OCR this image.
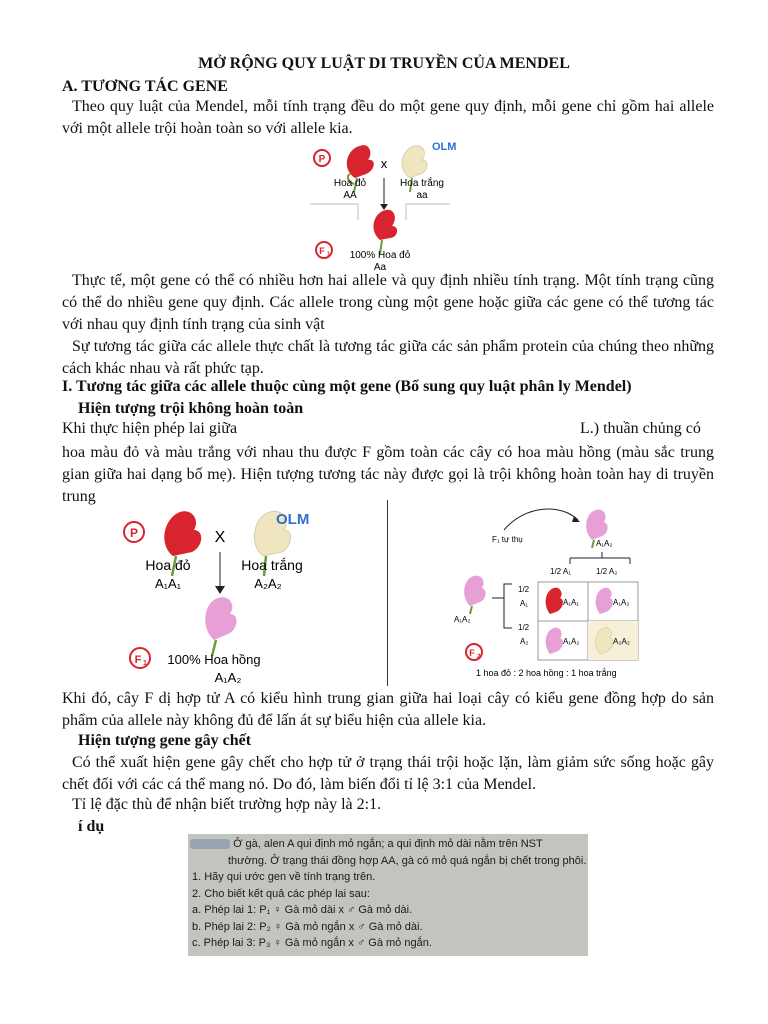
MỞ RỘNG QUY LUẬT DI TRUYỀN CỦA MENDEL
A. TƯƠNG TÁC GENE
Theo quy luật của Mendel, mỗi tính trạng đều do một gene quy định, mỗi gene chỉ gồm hai allele với một allele trội hoàn toàn so với allele kia.
P	x
OLM
Hoa đỏ
AA
Hoa trắng
aa
F 1 100% Hoa đỏ
Aa
Thực tế, một gene có thể có nhiều hơn hai allele và quy định nhiều tính trạng. Một tính trạng cũng có thể do nhiều gene quy định. Các allele trong cùng một gene hoặc giữa các gene có thể tương tác với nhau quy định tính trạng của sinh vật
Sự tương tác giữa các allele thực chất là tương tác giữa các sản phẩm protein của chúng theo những cách khác nhau và rất phức tạp.
I. Tương tác giữa các allele thuộc cùng một gene (Bổ sung quy luật phân ly Mendel)
Hiện tượng trội không hoàn toàn
Khi thực hiện phép lai giữa	L.) thuần chủng có
hoa màu đỏ và màu trắng với nhau thu được F gồm toàn các cây có hoa màu hồng (màu sắc trung gian giữa hai dạng bố mẹ). Hiện tượng tương tác này được gọi là trội không hoàn toàn hay di truyền trung
P	X
OLM
Hoa đỏ
A₁A₁
Hoa trắng
A₂A₂
F 1 100% Hoa hồng
A₁A₂
F₁ tự thụ	A₁A₂
1/2 A₁	1/2 A₂
A₁A₂
1/2
A₁
1/2
A₂
A₁A₁	A₁A₂
A₁A₂	A₂A₂
F 2
1 hoa đỏ : 2 hoa hồng : 1 hoa trắng
Khi đó, cây F dị hợp tử A có kiểu hình trung gian giữa hai loại cây có kiểu gene đồng hợp do sản phẩm của allele này không đủ để lấn át sự biểu hiện của allele kia.
Hiện tượng gene gây chết
Có thể xuất hiện gene gây chết cho hợp tử ở trạng thái trội hoặc lặn, làm giảm sức sống hoặc gây chết đối với các cá thể mang nó. Do đó, làm biến đổi tỉ lệ 3:1 của Mendel.
Tỉ lệ đặc thù để nhận biết trường hợp này là 2:1.
í dụ
Ở gà, alen A qui định mỏ ngắn; a qui định mỏ dài nằm trên NST
thường. Ở trạng thái đồng hợp AA, gà có mỏ quá ngắn bị chết trong phôi.
1. Hãy qui ước gen về tính trạng trên.
2. Cho biết kết quả các phép lai sau:
a. Phép lai 1: P₁ ♀ Gà mỏ dài x ♂ Gà mỏ dài.
b. Phép lai 2: P₂ ♀ Gà mỏ ngắn x ♂ Gà mỏ dài.
c. Phép lai 3: P₃ ♀ Gà mỏ ngắn x ♂ Gà mỏ ngắn.
